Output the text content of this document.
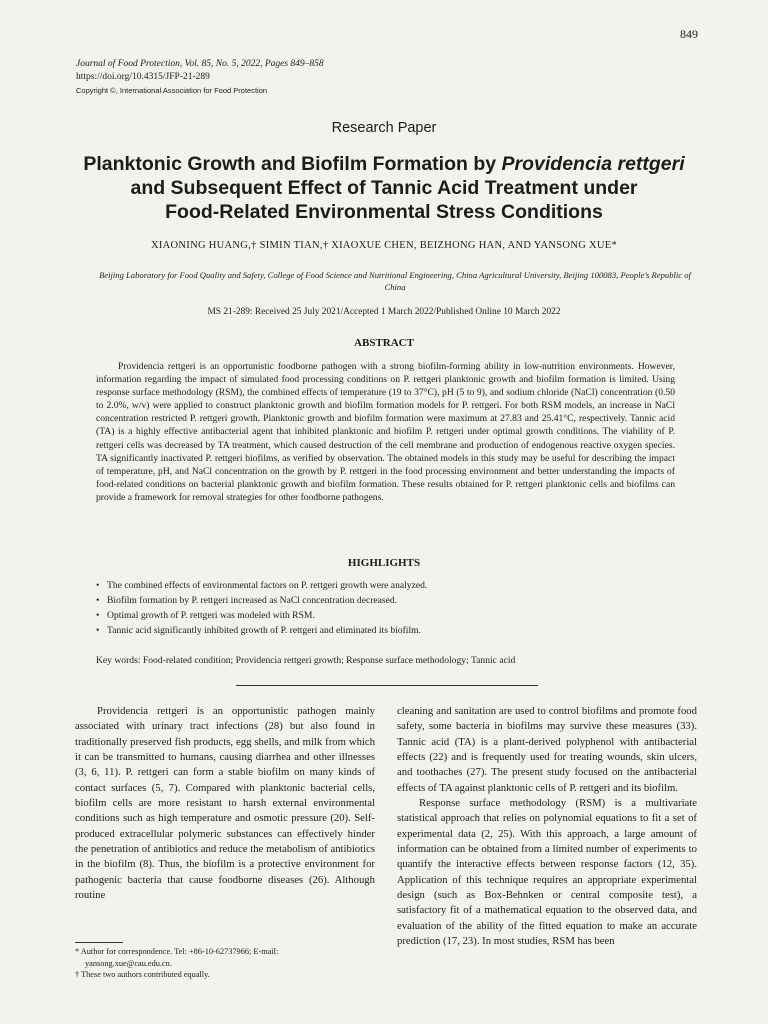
849
Journal of Food Protection, Vol. 85, No. 5, 2022, Pages 849–858
https://doi.org/10.4315/JFP-21-289
Copyright ©, International Association for Food Protection
Research Paper
Planktonic Growth and Biofilm Formation by Providencia rettgeri
and Subsequent Effect of Tannic Acid Treatment under
Food-Related Environmental Stress Conditions
XIAONING HUANG,† SIMIN TIAN,† XIAOXUE CHEN, BEIZHONG HAN, AND YANSONG XUE*
Beijing Laboratory for Food Quality and Safety, College of Food Science and Nutritional Engineering, China Agricultural University, Beijing 100083, People’s Republic of China
MS 21-289: Received 25 July 2021/Accepted 1 March 2022/Published Online 10 March 2022
ABSTRACT

Providencia rettgeri is an opportunistic foodborne pathogen with a strong biofilm-forming ability in low-nutrition environments. However, information regarding the impact of simulated food processing conditions on P. rettgeri planktonic growth and biofilm formation is limited. Using response surface methodology (RSM), the combined effects of temperature (19 to 37°C), pH (5 to 9), and sodium chloride (NaCl) concentration (0.50 to 2.0%, w/v) were applied to construct planktonic growth and biofilm formation models for P. rettgeri. For both RSM models, an increase in NaCl concentration restricted P. rettgeri growth. Planktonic growth and biofilm formation were maximum at 27.83 and 25.41°C, respectively. Tannic acid (TA) is a highly effective antibacterial agent that inhibited planktonic and biofilm P. rettgeri under optimal growth conditions. The viability of P. rettgeri cells was decreased by TA treatment, which caused destruction of the cell membrane and production of endogenous reactive oxygen species. TA significantly inactivated P. rettgeri biofilms, as verified by observation. The obtained models in this study may be useful for describing the impact of temperature, pH, and NaCl concentration on the growth by P. rettgeri in the food processing environment and better understanding the impacts of food-related conditions on bacterial planktonic growth and biofilm formation. These results obtained for P. rettgeri planktonic cells and biofilms can provide a framework for removal strategies for other foodborne pathogens.

HIGHLIGHTS
• The combined effects of environmental factors on P. rettgeri growth were analyzed.
• Biofilm formation by P. rettgeri increased as NaCl concentration decreased.
• Optimal growth of P. rettgeri was modeled with RSM.
• Tannic acid significantly inhibited growth of P. rettgeri and eliminated its biofilm.
Key words: Food-related condition; Providencia rettgeri growth; Response surface methodology; Tannic acid

Providencia rettgeri is an opportunistic pathogen mainly associated with urinary tract infections (28) but also found in traditionally preserved fish products, egg shells, and milk from which it can be transmitted to humans, causing diarrhea and other illnesses (3, 6, 11). P. rettgeri can form a stable biofilm on many kinds of contact surfaces (5, 7). Compared with planktonic bacterial cells, biofilm cells are more resistant to harsh external environmental conditions such as high temperature and osmotic pressure (20). Self-produced extracellular polymeric substances can effectively hinder the penetration of antibiotics and reduce the metabolism of antibiotics in the biofilm (8). Thus, the biofilm is a protective environment for pathogenic bacteria that cause foodborne diseases (26). Although routine

cleaning and sanitation are used to control biofilms and promote food safety, some bacteria in biofilms may survive these measures (33). Tannic acid (TA) is a plant-derived polyphenol with antibacterial effects (22) and is frequently used for treating wounds, skin ulcers, and toothaches (27). The present study focused on the antibacterial effects of TA against planktonic cells of P. rettgeri and its biofilm.

Response surface methodology (RSM) is a multivariate statistical approach that relies on polynomial equations to fit a set of experimental data (2, 25). With this approach, a large amount of information can be obtained from a limited number of experiments to quantify the interactive effects between response factors (12, 35). Application of this technique requires an appropriate experimental design (such as Box-Behnken or central composite test), a satisfactory fit of a mathematical equation to the observed data, and evaluation of the ability of the fitted equation to make an accurate prediction (17, 23). In most studies, RSM has been

* Author for correspondence. Tel: +86-10-62737966; E-mail:
yansong.xue@cau.edu.cn.
† These two authors contributed equally.
